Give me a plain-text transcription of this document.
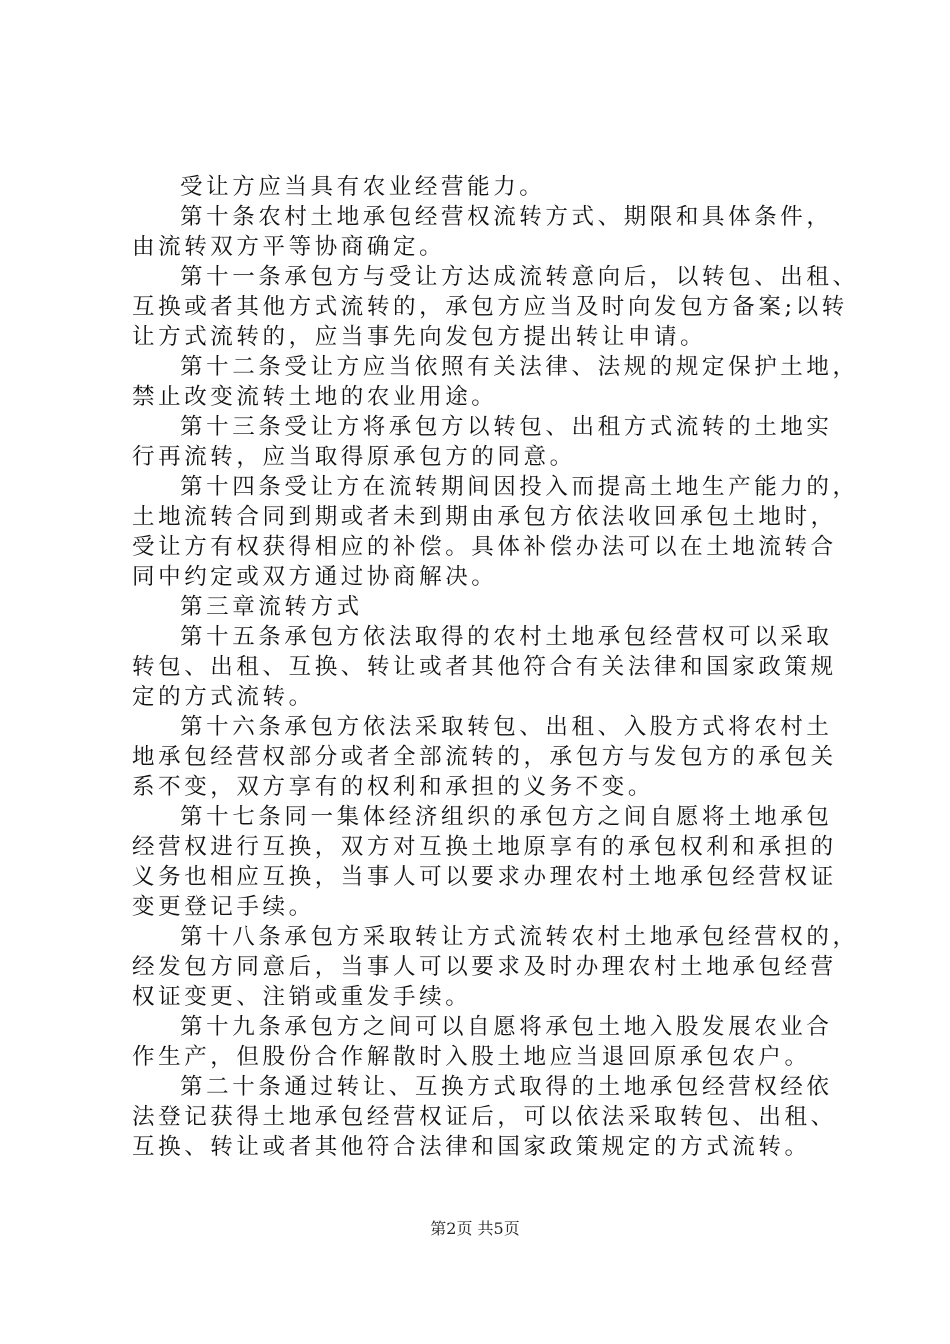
受让方应当具有农业经营能力。
第十条农村土地承包经营权流转方式、期限和具体条件，
由流转双方平等协商确定。
第十一条承包方与受让方达成流转意向后，以转包、出租、
互换或者其他方式流转的，承包方应当及时向发包方备案;以转
让方式流转的，应当事先向发包方提出转让申请。
第十二条受让方应当依照有关法律、法规的规定保护土地，
禁止改变流转土地的农业用途。
第十三条受让方将承包方以转包、出租方式流转的土地实
行再流转，应当取得原承包方的同意。
第十四条受让方在流转期间因投入而提高土地生产能力的，
土地流转合同到期或者未到期由承包方依法收回承包土地时，
受让方有权获得相应的补偿。具体补偿办法可以在土地流转合
同中约定或双方通过协商解决。
第三章流转方式
第十五条承包方依法取得的农村土地承包经营权可以采取
转包、出租、互换、转让或者其他符合有关法律和国家政策规
定的方式流转。
第十六条承包方依法采取转包、出租、入股方式将农村土
地承包经营权部分或者全部流转的，承包方与发包方的承包关
系不变，双方享有的权利和承担的义务不变。
第十七条同一集体经济组织的承包方之间自愿将土地承包
经营权进行互换，双方对互换土地原享有的承包权利和承担的
义务也相应互换，当事人可以要求办理农村土地承包经营权证
变更登记手续。
第十八条承包方采取转让方式流转农村土地承包经营权的，
经发包方同意后，当事人可以要求及时办理农村土地承包经营
权证变更、注销或重发手续。
第十九条承包方之间可以自愿将承包土地入股发展农业合
作生产，但股份合作解散时入股土地应当退回原承包农户。
第二十条通过转让、互换方式取得的土地承包经营权经依
法登记获得土地承包经营权证后，可以依法采取转包、出租、
互换、转让或者其他符合法律和国家政策规定的方式流转。
第2页 共5页
